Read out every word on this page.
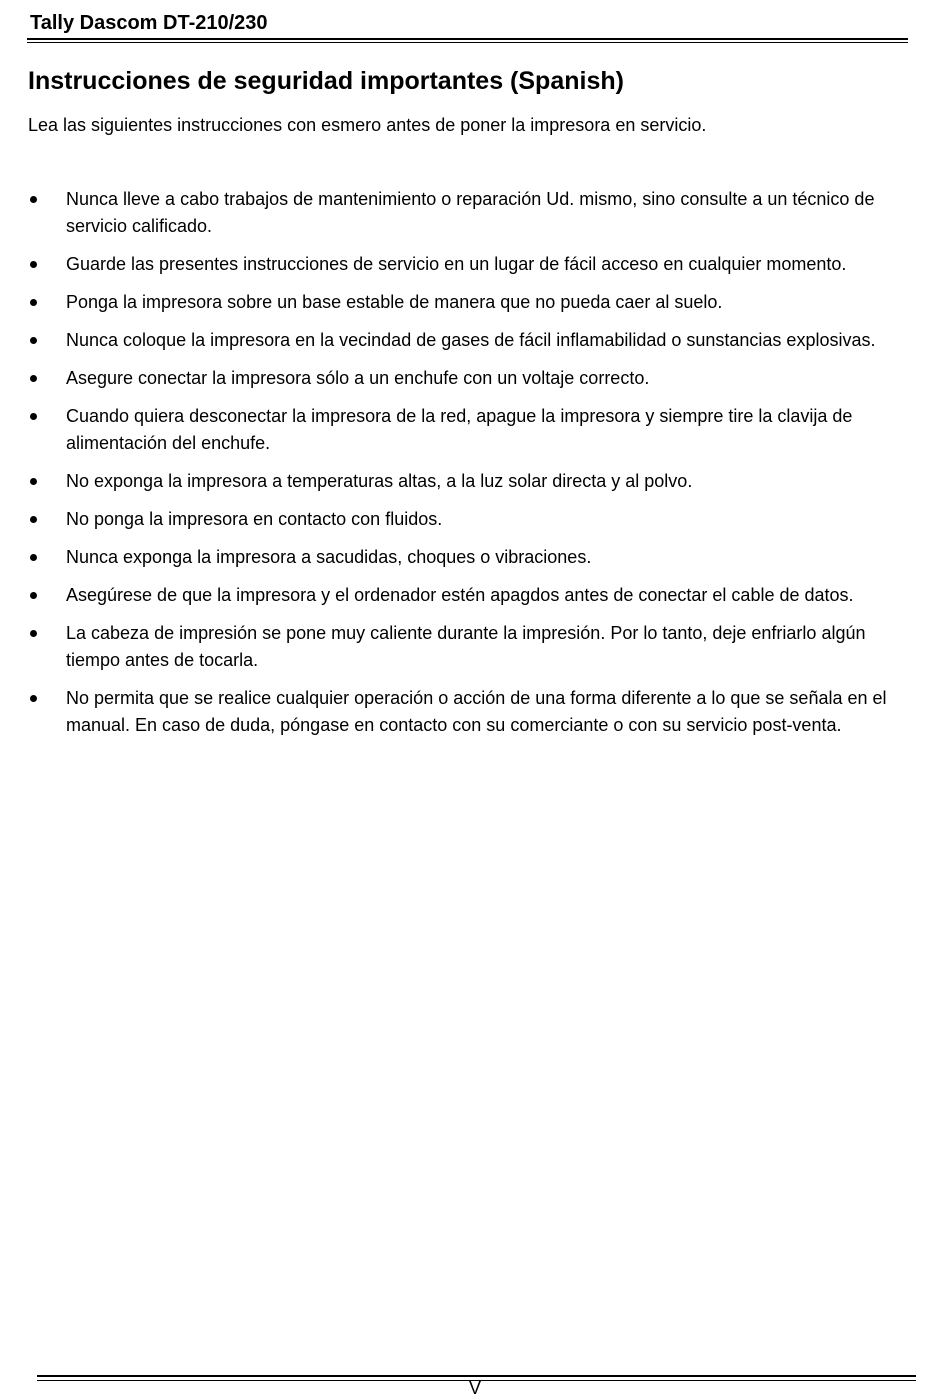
Tally Dascom DT-210/230
Instrucciones de seguridad importantes (Spanish)

Lea las siguientes instrucciones con esmero antes de poner la impresora en servicio.

Nunca lleve a cabo trabajos de mantenimiento o reparación Ud. mismo, sino consulte a un técnico de servicio calificado.
Guarde las presentes instrucciones de servicio en un lugar de fácil acceso en cualquier momento.
Ponga la impresora sobre un base estable de manera que no pueda caer al suelo.
Nunca coloque la impresora en la vecindad de gases de fácil inflamabilidad o sunstancias explosivas.
Asegure conectar la impresora sólo a un enchufe con un voltaje correcto.
Cuando quiera desconectar la impresora de la red, apague la impresora y siempre tire la clavija de alimentación del enchufe.
No exponga la impresora a temperaturas altas, a la luz solar directa y al polvo.
No ponga la impresora en contacto con fluidos.
Nunca exponga la impresora a sacudidas, choques o vibraciones.
Asegúrese de que la impresora y el ordenador estén apagdos antes de conectar el cable de datos.
La cabeza de impresión se pone muy caliente durante la impresión. Por lo tanto, deje enfriarlo algún tiempo antes de tocarla.
No permita que se realice cualquier operación o acción de una forma diferente a lo que se señala en el manual. En caso de duda, póngase en contacto con su comerciante o con su servicio post-venta.
V
